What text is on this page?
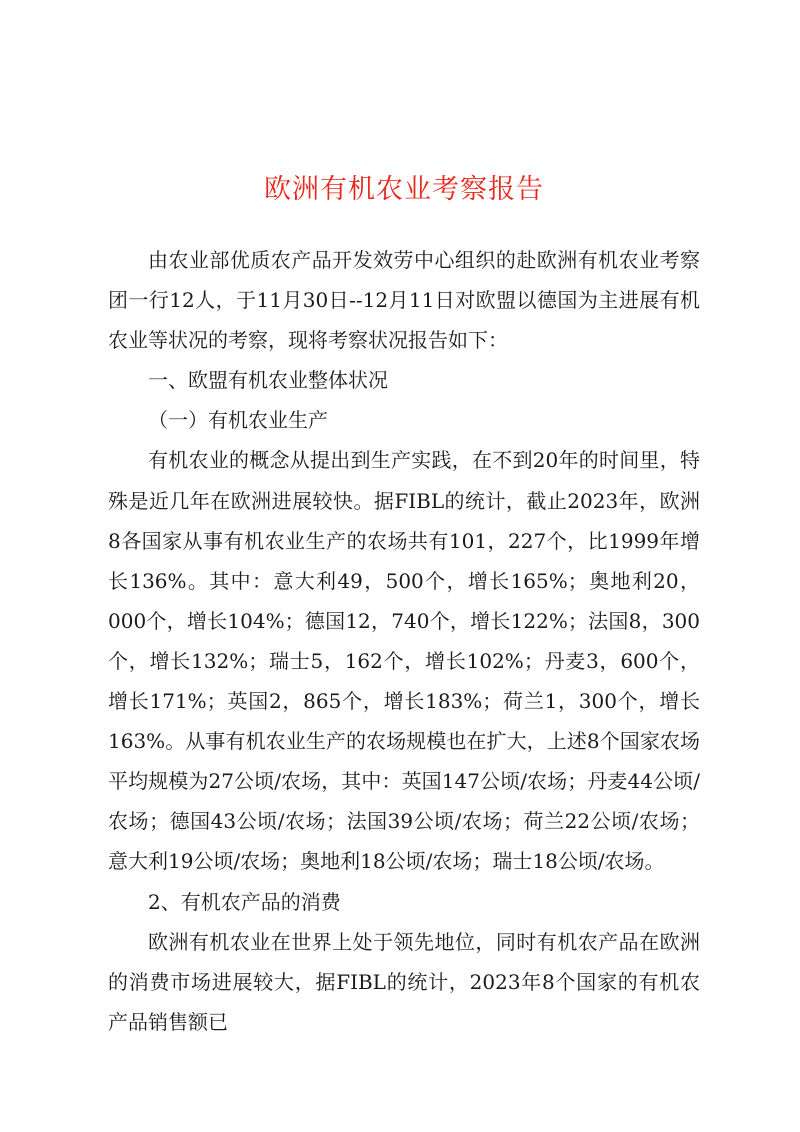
欧洲有机农业考察报告

由农业部优质农产品开发效劳中心组织的赴欧洲有机农业考察团一行12人，于11月30日--12月11日对欧盟以德国为主进展有机农业等状况的考察，现将考察状况报告如下：

一、欧盟有机农业整体状况

（一）有机农业生产

有机农业的概念从提出到生产实践，在不到20年的时间里，特殊是近几年在欧洲进展较快。据FIBL的统计，截止2023年，欧洲8各国家从事有机农业生产的农场共有101，227个，比1999年增长136%。其中：意大利49，500个，增长165%；奥地利20，000个，增长104%；德国12，740个，增长122%；法国8，300个，增长132%；瑞士5，162个，增长102%；丹麦3，600个，增长171%；英国2，865个，增长183%；荷兰1，300个，增长163%。从事有机农业生产的农场规模也在扩大，上述8个国家农场平均规模为27公顷/农场，其中：英国147公顷/农场；丹麦44公顷/农场；德国43公顷/农场；法国39公顷/农场；荷兰22公顷/农场；意大利19公顷/农场；奥地利18公顷/农场；瑞士18公顷/农场。

2、有机农产品的消费

欧洲有机农业在世界上处于领先地位，同时有机农产品在欧洲的消费市场进展较大，据FIBL的统计，2023年8个国家的有机农产品销售额已
